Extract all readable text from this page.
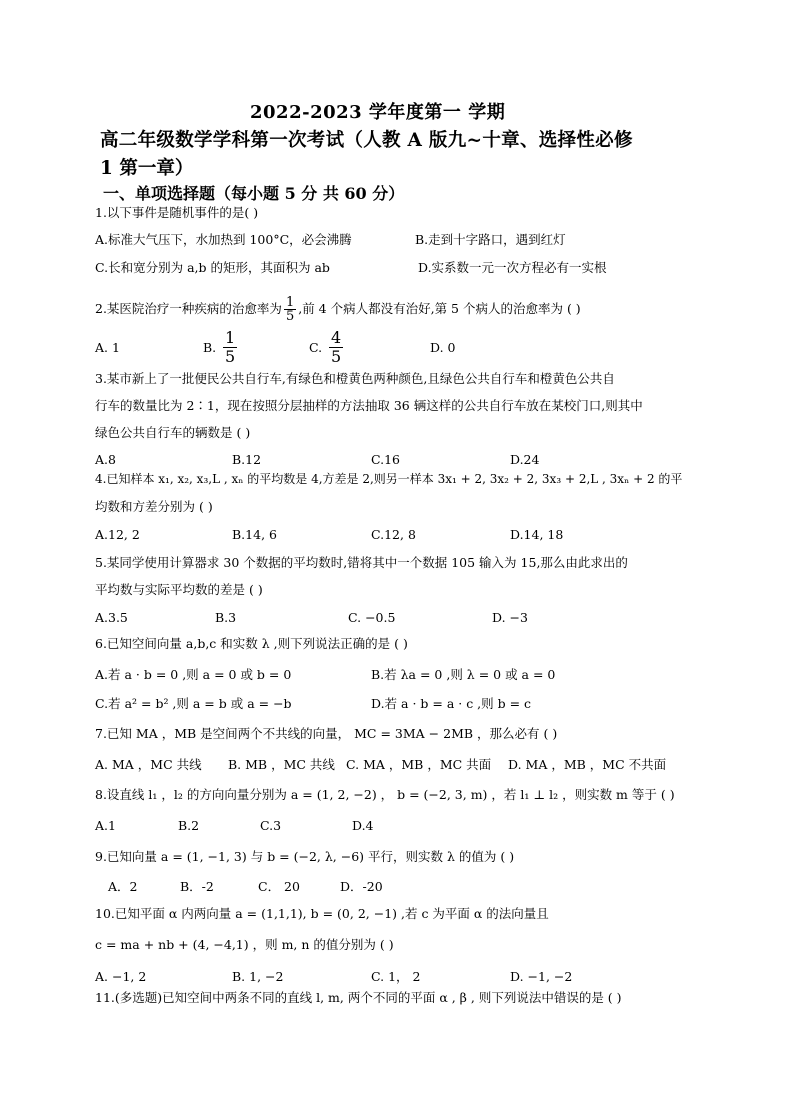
2022-2023 学年度第一 学期
高二年级数学学科第一次考试（人教 A 版九~十章、选择性必修
1 第一章）
一、单项选择题（每小题 5 分 共 60 分）
1.以下事件是随机事件的是( )
A.标准大气压下，水加热到 100°C，必会沸腾	B.走到十字路口，遇到红灯
C.长和宽分别为 a,b 的矩形，其面积为 ab	D.实系数一元一次方程必有一实根
2.某医院治疗一种疾病的治愈率为 $\frac{1}{5}$ ,前 4 个病人都没有治好,第 5 个病人的治愈率为 ( )
A. 1	B. $\frac{1}{5}$	C. $\frac{4}{5}$	D. 0
3.某市新上了一批便民公共自行车,有绿色和橙黄色两种颜色,且绿色公共自行车和橙黄色公共自
行车的数量比为 2∶1，现在按照分层抽样的方法抽取 36 辆这样的公共自行车放在某校门口,则其中
绿色公共自行车的辆数是 ( )
A.8	B.12	C.16	D.24
4.已知样本 x₁, x₂, x₃,L , xₙ 的平均数是 4,方差是 2,则另一样本 3x₁ + 2, 3x₂ + 2, 3x₃ + 2,L , 3xₙ + 2 的平
均数和方差分别为 ( )
A.12, 2	B.14, 6	C.12, 8	D.14, 18
5.某同学使用计算器求 30 个数据的平均数时,错将其中一个数据 105 输入为 15,那么由此求出的
平均数与实际平均数的差是 ( )
A.3.5	B.3	C. −0.5	D. −3
6.已知空间向量 a,b,c 和实数 λ ,则下列说法正确的是 ( )
A.若 a · b = 0 ,则 a = 0 或 b = 0	B.若 λa = 0 ,则 λ = 0 或 a = 0
C.若 a² = b² ,则 a = b 或 a = −b	D.若 a · b = a · c ,则 b = c
7.已知 MA ，MB 是空间两个不共线的向量， MC = 3MA − 2MB ，那么必有 ( )
A. MA ，MC 共线 B. MB ，MC 共线 C. MA ，MB ，MC 共面 D. MA ，MB ，MC 不共面
8.设直线 l₁ ，l₂ 的方向向量分别为 a = (1, 2, −2) ， b = (−2, 3, m) ，若 l₁ ⊥ l₂ ，则实数 m 等于 ( )
A.1	B.2	C.3	D.4
9.已知向量 a = (1, −1, 3) 与 b = (−2, λ, −6) 平行，则实数 λ 的值为 ( )
A．2	B．-2	C． 20	D．-20
10.已知平面 α 内两向量 a = (1,1,1), b = (0, 2, −1) ,若 c 为平面 α 的法向量且
c = ma + nb + (4, −4,1) ，则 m, n 的值分别为 ( )
A. −1, 2	B. 1, −2	C. 1， 2	D. −1, −2
11.(多选题)已知空间中两条不同的直线 l, m, 两个不同的平面 α , β , 则下列说法中错误的是 ( )
